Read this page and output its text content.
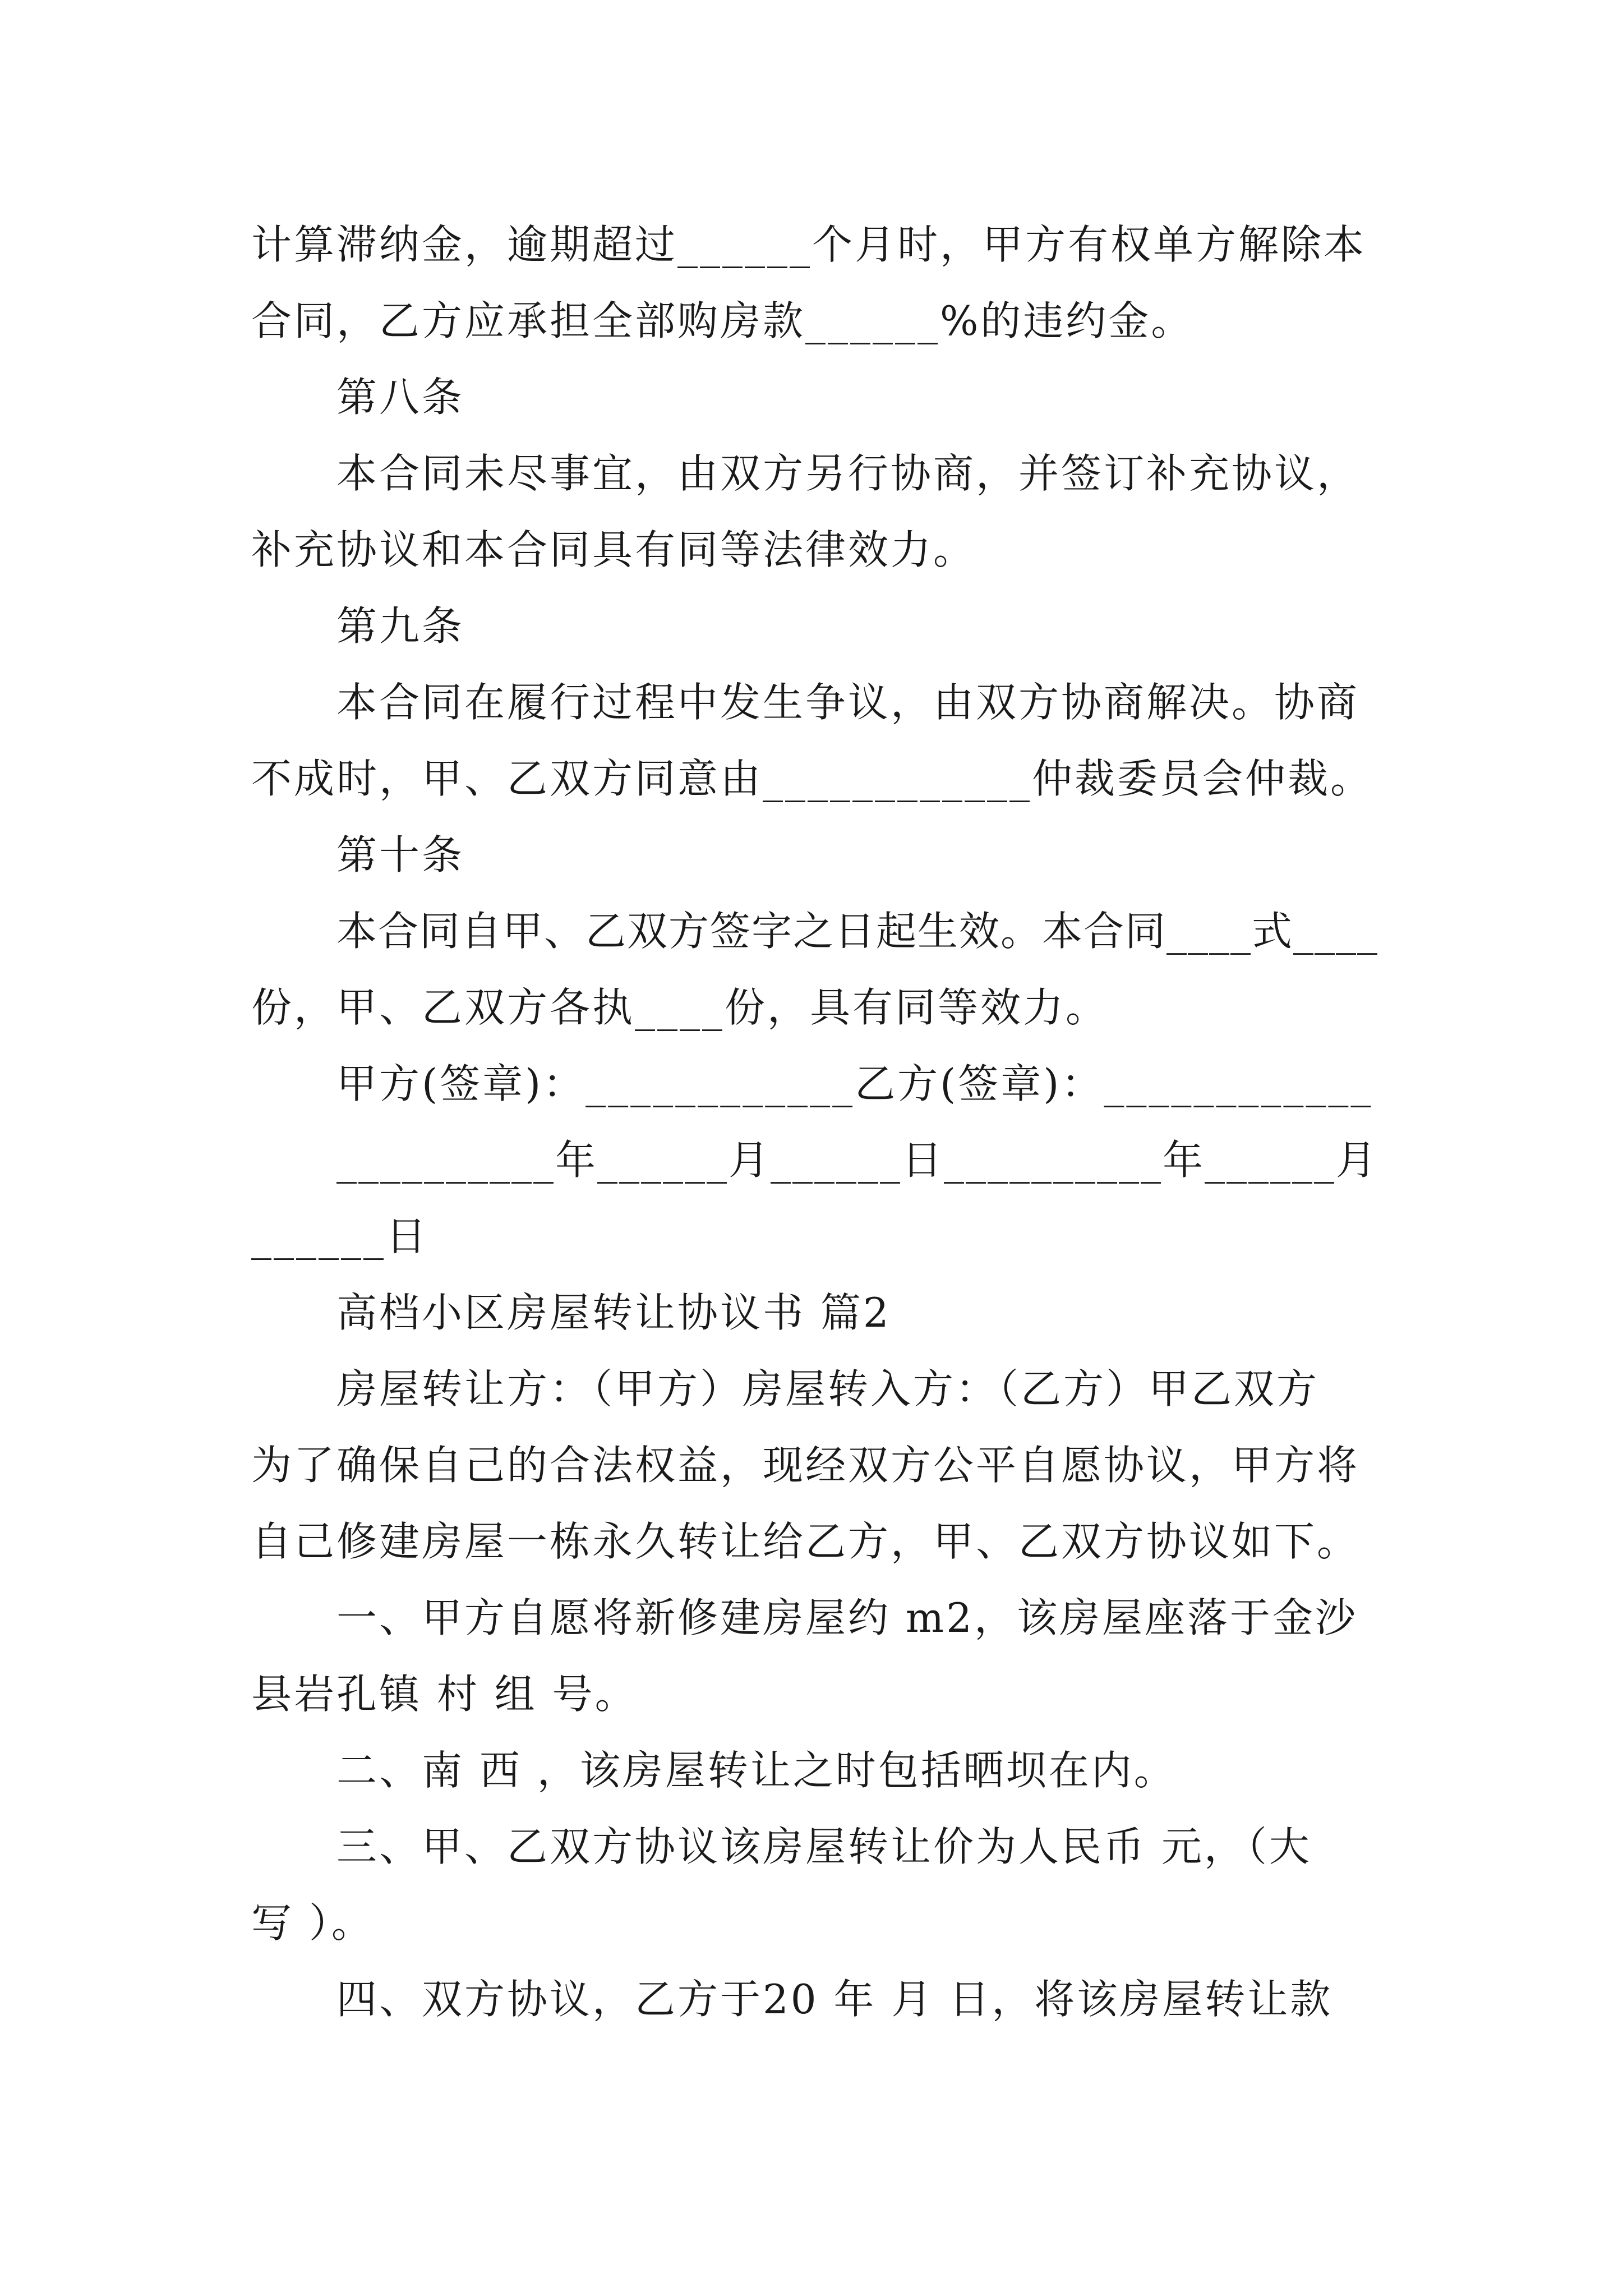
计算滞纳金，逾期超过______个月时，甲方有权单方解除本
合同，乙方应承担全部购房款______%的违约金。
第八条
本合同未尽事宜，由双方另行协商，并签订补充协议，
补充协议和本合同具有同等法律效力。
第九条
本合同在履行过程中发生争议，由双方协商解决。协商
不成时，甲、乙双方同意由____________仲裁委员会仲裁。
第十条
本合同自甲、乙双方签字之日起生效。本合同____式____
份，甲、乙双方各执____份，具有同等效力。
甲方(签章)：____________乙方(签章)：____________
__________年______月______日__________年______月
______日
高档小区房屋转让协议书 篇2
房屋转让方：（甲方）房屋转入方：（乙方）甲乙双方
为了确保自己的合法权益，现经双方公平自愿协议，甲方将
自己修建房屋一栋永久转让给乙方，甲、乙双方协议如下。
一、甲方自愿将新修建房屋约 m2，该房屋座落于金沙
县岩孔镇 村 组 号。
二、南 西 ，该房屋转让之时包括晒坝在内。
三、甲、乙双方协议该房屋转让价为人民币 元，（大
写 ）。
四、双方协议，乙方于20 年 月 日，将该房屋转让款
